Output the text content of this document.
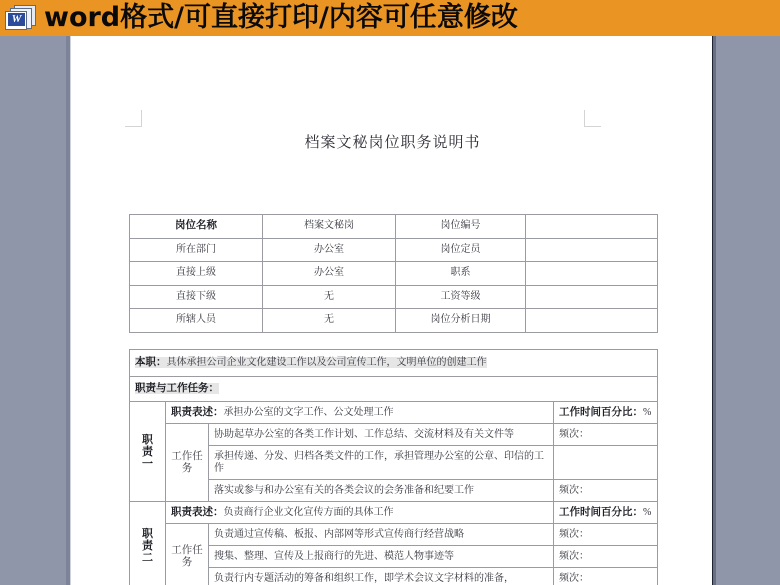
W word格式/可直接打印/内容可任意修改
档案文秘岗位职务说明书
岗位名称	档案文秘岗	岗位编号	
所在部门	办公室	岗位定员	
直接上级	办公室	职系	
直接下级	无	工资等级	
所辖人员	无	岗位分析日期	
本职：具体承担公司企业文化建设工作以及公司宣传工作，文明单位的创建工作			
职责与工作任务：			
职
责
一	职责表述：承担办公室的文字工作、公文处理工作		工作时间百分比：%
	工作任务	协助起草办公室的各类工作计划、工作总结、交流材料及有关文件等	频次：
		承担传递、分发、归档各类文件的工作，承担管理办公室的公章、印信的工作	
		落实或参与和办公室有关的各类会议的会务准备和纪要工作	频次：
职
责
二	职责表述：负责商行企业文化宣传方面的具体工作		工作时间百分比：%
	工作任务	负责通过宣传稿、板报、内部网等形式宣传商行经营战略	频次：
		搜集、整理、宣传及上报商行的先进、模范人物事迹等	频次：
		负责行内专题活动的筹备和组织工作，即学术会议文字材料的准备，	频次：
